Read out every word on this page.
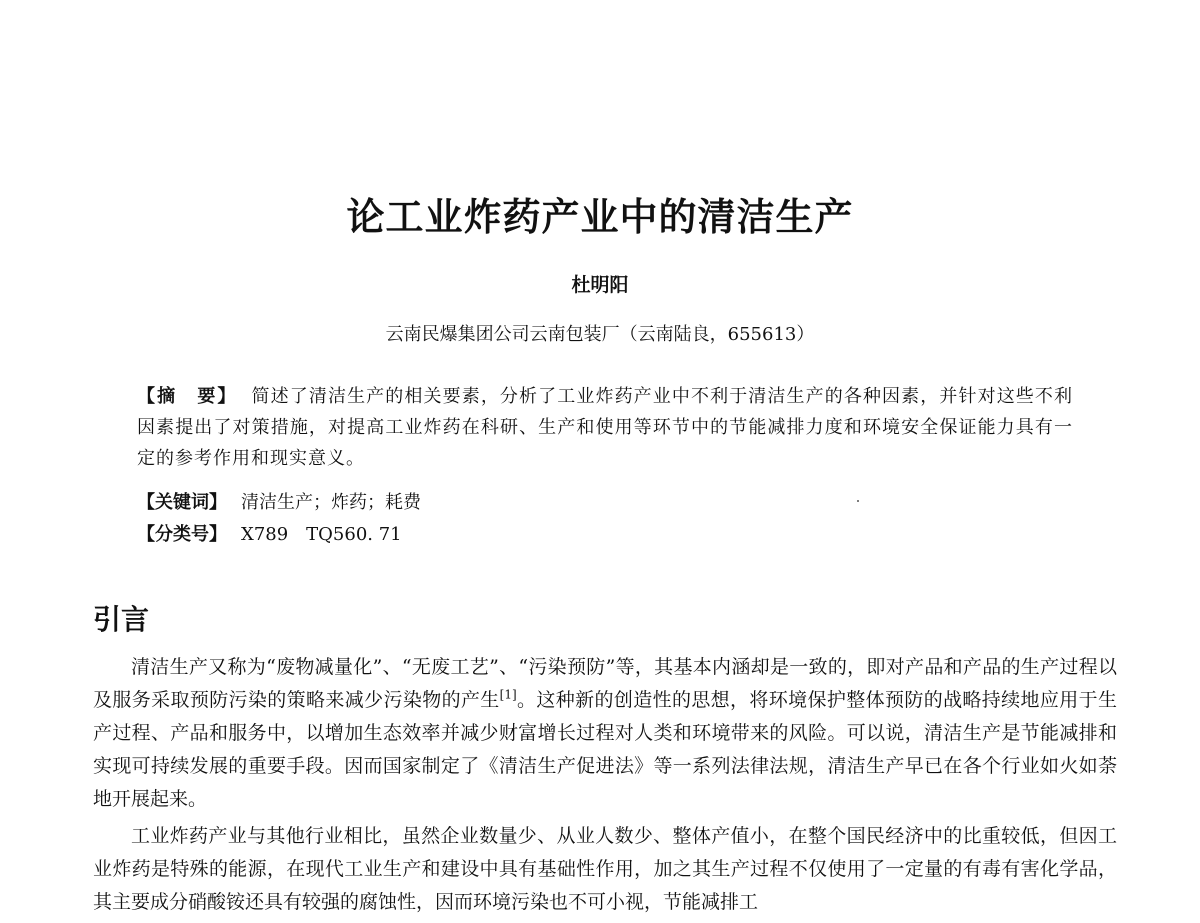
论工业炸药产业中的清洁生产
杜明阳
云南民爆集团公司云南包装厂（云南陆良，655613）
【摘　要】 简述了清洁生产的相关要素，分析了工业炸药产业中不利于清洁生产的各种因素，并针对这些不利因素提出了对策措施，对提高工业炸药在科研、生产和使用等环节中的节能减排力度和环境安全保证能力具有一定的参考作用和现实意义。
【关键词】 清洁生产；炸药；耗费
【分类号】 X789　TQ560. 71
引言

清洁生产又称为“废物减量化”、“无废工艺”、“污染预防”等，其基本内涵却是一致的，即对产品和产品的生产过程以及服务采取预防污染的策略来减少污染物的产生[1]。这种新的创造性的思想，将环境保护整体预防的战略持续地应用于生产过程、产品和服务中，以增加生态效率并减少财富增长过程对人类和环境带来的风险。可以说，清洁生产是节能减排和实现可持续发展的重要手段。因而国家制定了《清洁生产促进法》等一系列法律法规，清洁生产早已在各个行业如火如荼地开展起来。

工业炸药产业与其他行业相比，虽然企业数量少、从业人数少、整体产值小，在整个国民经济中的比重较低，但因工业炸药是特殊的能源，在现代工业生产和建设中具有基础性作用，加之其生产过程不仅使用了一定量的有毒有害化学品，其主要成分硝酸铵还具有较强的腐蚀性，因而环境污染也不可小视，节能减排工
